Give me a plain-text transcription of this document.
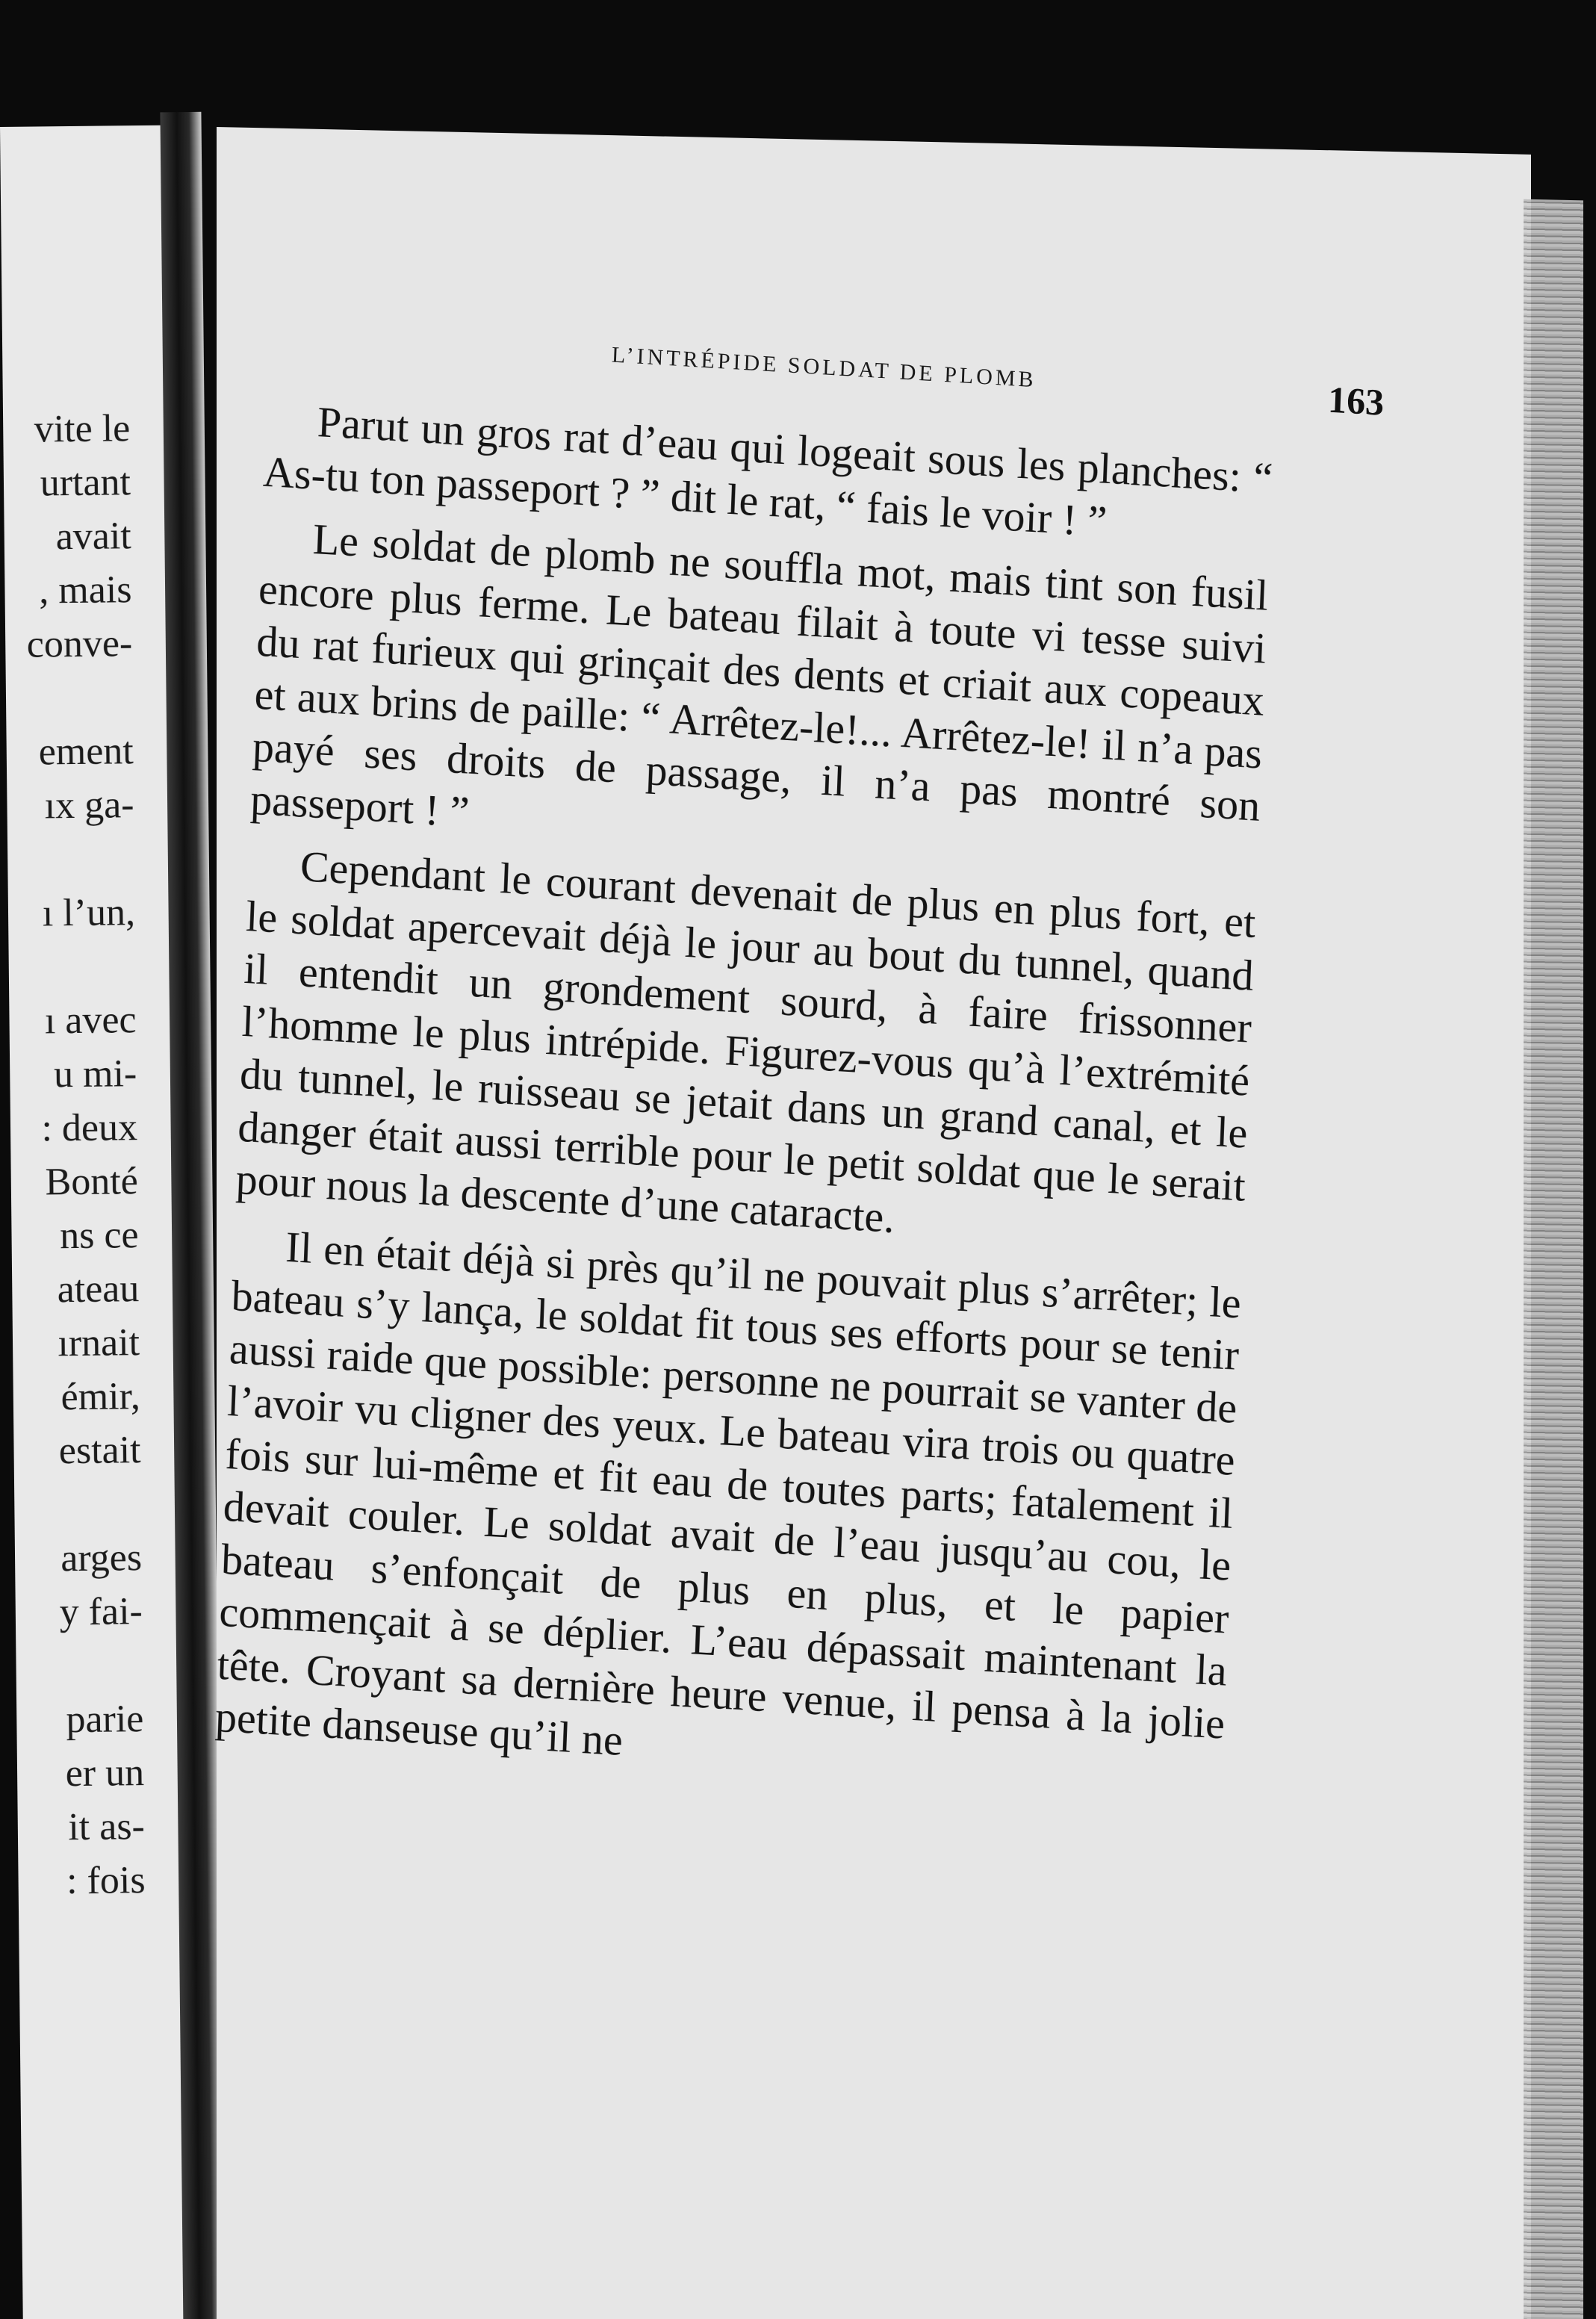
vite le
urtant
avait
, mais
conve-

ement
ıx ga-

ı l’un,

ı avec
u mi-
: deux
Bonté
ns ce
ateau
ırnait
émir,
estait

arges
y fai-

parie
er un
it as-
: fois
L’INTRÉPIDE SOLDAT DE PLOMB
163

Parut un gros rat d’eau qui logeait sous les planches: “ As-tu ton passeport ? ” dit le rat, “ fais le voir ! ”

Le soldat de plomb ne souffla mot, mais tint son fusil encore plus ferme. Le bateau filait à toute vi tesse suivi du rat furieux qui grinçait des dents et criait aux copeaux et aux brins de paille: “ Arrêtez-le!... Arrêtez-le! il n’a pas payé ses droits de passage, il n’a pas montré son passeport ! ”

Cependant le courant devenait de plus en plus fort, et le soldat apercevait déjà le jour au bout du tunnel, quand il entendit un grondement sourd, à faire frissonner l’homme le plus intrépide. Figurez-vous qu’à l’extrémité du tunnel, le ruisseau se jetait dans un grand canal, et le danger était aussi terrible pour le petit soldat que le serait pour nous la descente d’une cataracte.

Il en était déjà si près qu’il ne pouvait plus s’arrêter; le bateau s’y lança, le soldat fit tous ses efforts pour se tenir aussi raide que possible: personne ne pourrait se vanter de l’avoir vu cligner des yeux. Le bateau vira trois ou quatre fois sur lui-même et fit eau de toutes parts; fatalement il devait couler. Le soldat avait de l’eau jusqu’au cou, le bateau s’enfonçait de plus en plus, et le papier commençait à se déplier. L’eau dépassait maintenant la tête. Croyant sa dernière heure venue, il pensa à la jolie petite danseuse qu’il ne
